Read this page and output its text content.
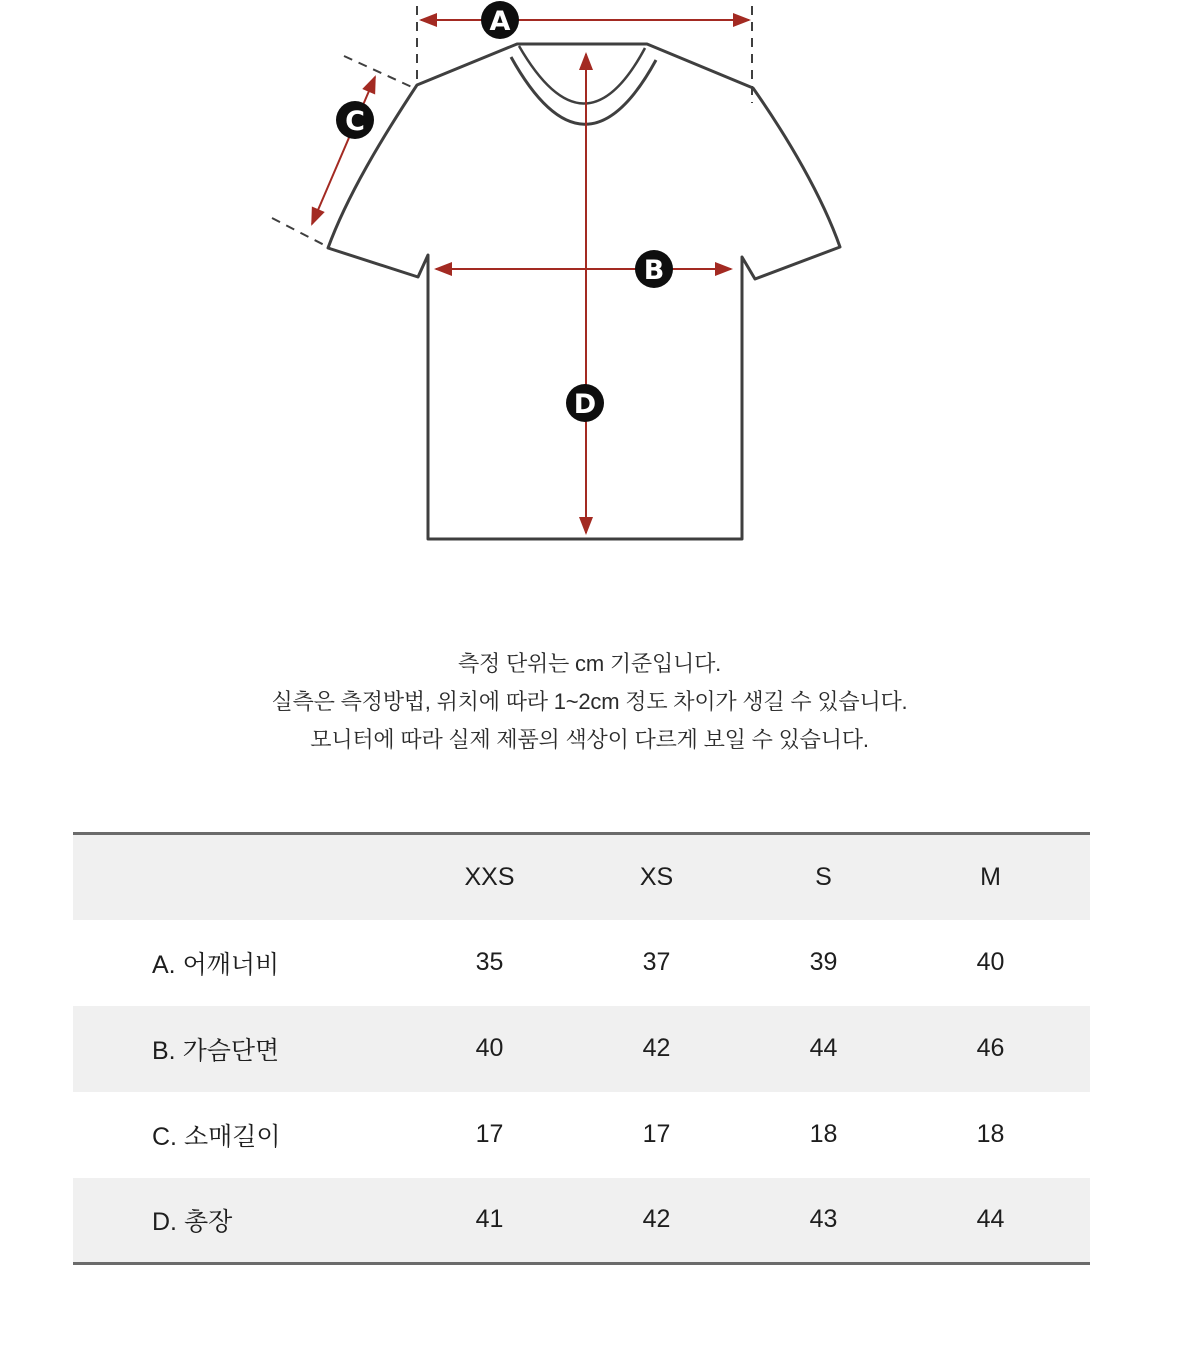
A
B
C
D

측정 단위는 cm 기준입니다.

실측은 측정방법, 위치에 따라 1~2cm 정도 차이가 생길 수 있습니다.

모니터에 따라 실제 제품의 색상이 다르게 보일 수 있습니다.

	XXS	XS	S	M
A. 어깨너비	35	37	39	40
B. 가슴단면	40	42	44	46
C. 소매길이	17	17	18	18
D. 총장	41	42	43	44
